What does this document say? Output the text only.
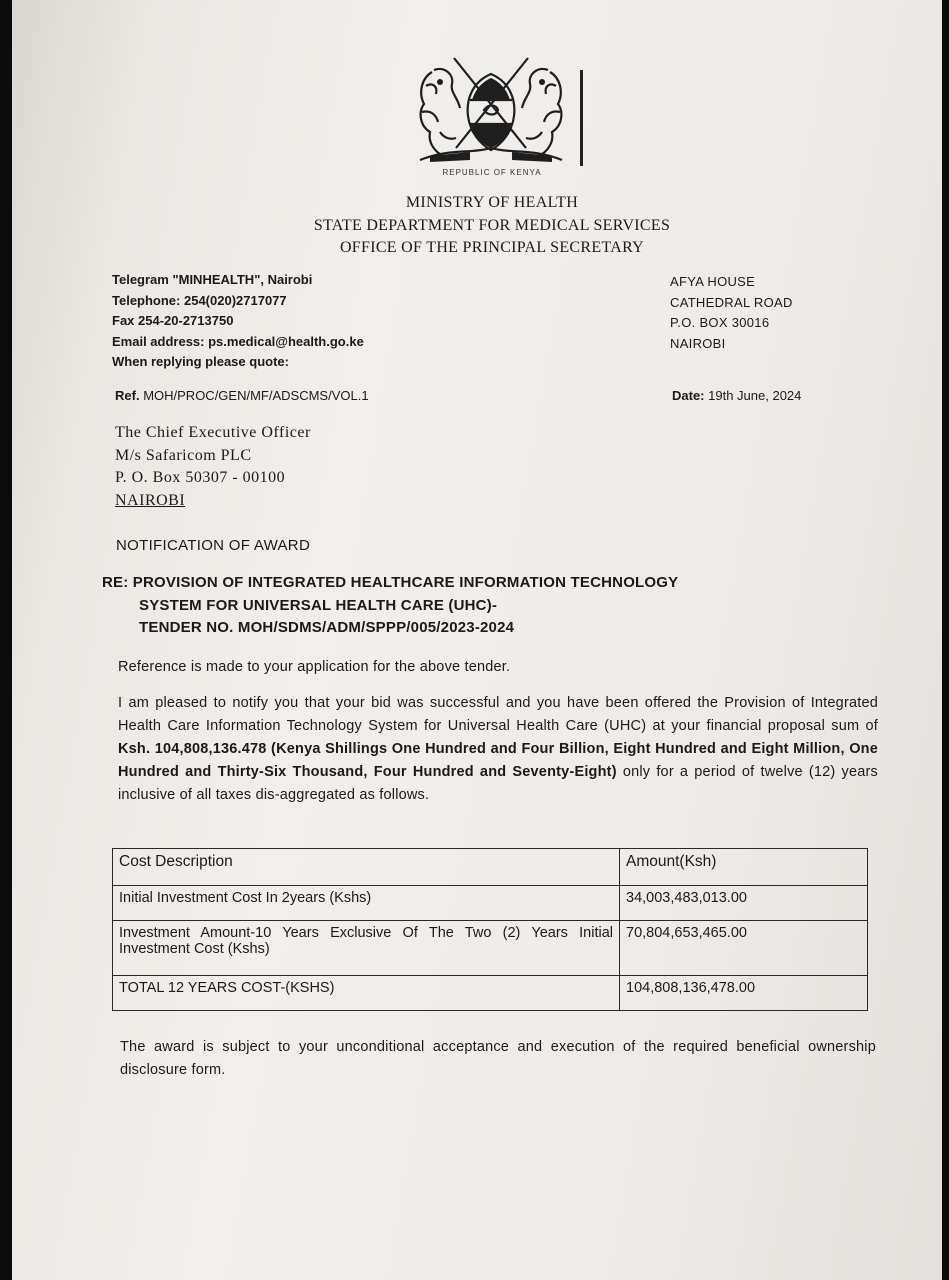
REPUBLIC OF KENYA
MINISTRY OF HEALTH
STATE DEPARTMENT FOR MEDICAL SERVICES
OFFICE OF THE PRINCIPAL SECRETARY
Telegram "MINHEALTH", Nairobi
Telephone: 254(020)2717077
Fax 254-20-2713750
Email address: ps.medical@health.go.ke
When replying please quote:
AFYA HOUSE
CATHEDRAL ROAD
P.O. BOX 30016
NAIROBI
Ref. MOH/PROC/GEN/MF/ADSCMS/VOL.1	Date: 19th June, 2024
The Chief Executive Officer
M/s Safaricom PLC
P. O. Box 50307 - 00100
NAIROBI
NOTIFICATION OF AWARD
RE: PROVISION OF INTEGRATED HEALTHCARE INFORMATION TECHNOLOGY
SYSTEM FOR UNIVERSAL HEALTH CARE (UHC)-
TENDER NO. MOH/SDMS/ADM/SPPP/005/2023-2024
Reference is made to your application for the above tender.
I am pleased to notify you that your bid was successful and you have been offered the Provision of Integrated Health Care Information Technology System for Universal Health Care (UHC) at your financial proposal sum of Ksh. 104,808,136.478 (Kenya Shillings One Hundred and Four Billion, Eight Hundred and Eight Million, One Hundred and Thirty-Six Thousand, Four Hundred and Seventy-Eight) only for a period of twelve (12) years inclusive of all taxes dis-aggregated as follows.
Cost Description	Amount(Ksh)
Initial Investment Cost In 2years (Kshs)	34,003,483,013.00
Investment Amount-10 Years Exclusive Of The Two (2) Years Initial Investment Cost (Kshs)	70,804,653,465.00
TOTAL 12 YEARS COST-(KSHS)	104,808,136,478.00
The award is subject to your unconditional acceptance and execution of the required beneficial ownership disclosure form.
